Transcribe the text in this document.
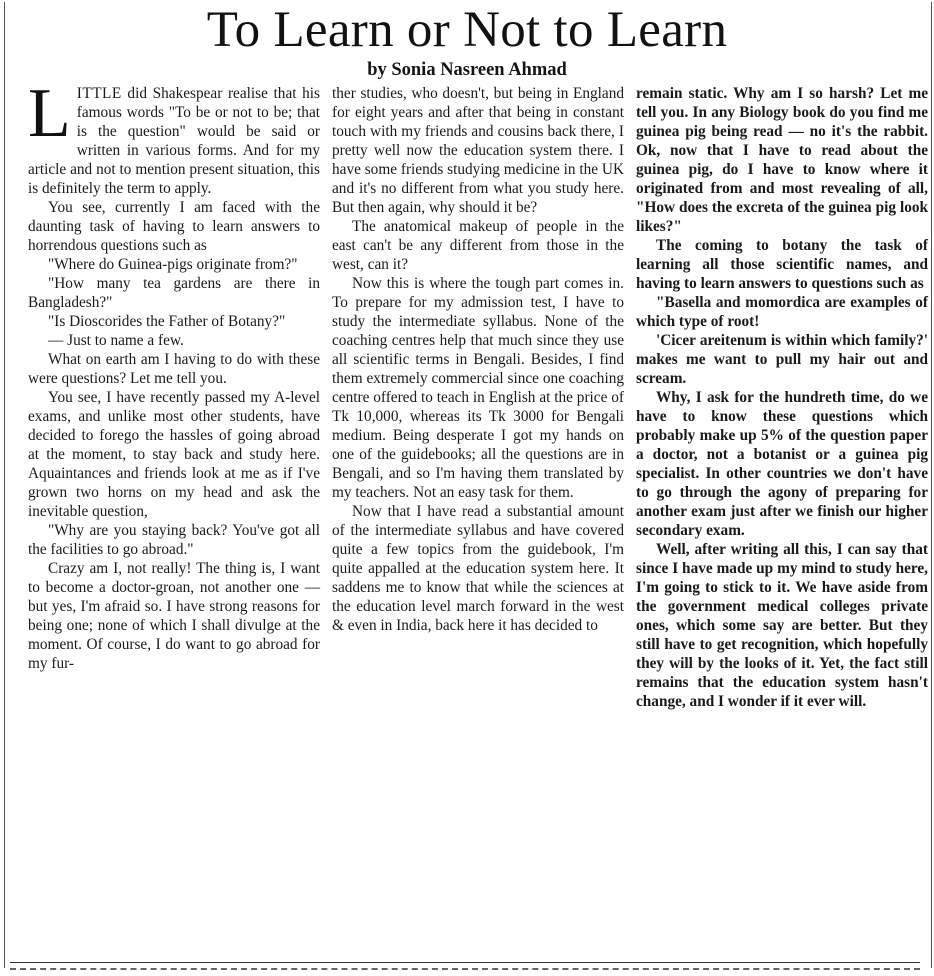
To Learn or Not to Learn
by Sonia Nasreen Ahmad

LITTLE did Shakespear realise that his famous words "To be or not to be; that is the question" would be said or written in various forms. And for my article and not to mention present situation, this is definitely the term to apply.

You see, currently I am faced with the daunting task of having to learn answers to horrendous questions such as

"Where do Guinea-pigs originate from?"

"How many tea gardens are there in Bangladesh?"

"Is Dioscorides the Father of Botany?"

— Just to name a few.

What on earth am I having to do with these were questions? Let me tell you.

You see, I have recently passed my A-level exams, and unlike most other students, have decided to forego the hassles of going abroad at the moment, to stay back and study here. Aquaintances and friends look at me as if I've grown two horns on my head and ask the inevitable question,

"Why are you staying back? You've got all the facilities to go abroad."

Crazy am I, not really! The thing is, I want to become a doctor-groan, not another one — but yes, I'm afraid so. I have strong reasons for being one; none of which I shall divulge at the moment. Of course, I do want to go abroad for my fur-

ther studies, who doesn't, but being in England for eight years and after that being in constant touch with my friends and cousins back there, I pretty well now the education system there. I have some friends studying medicine in the UK and it's no different from what you study here. But then again, why should it be?

The anatomical makeup of people in the east can't be any different from those in the west, can it?

Now this is where the tough part comes in. To prepare for my admission test, I have to study the intermediate syllabus. None of the coaching centres help that much since they use all scientific terms in Bengali. Besides, I find them extremely commercial since one coaching centre offered to teach in English at the price of Tk 10,000, whereas its Tk 3000 for Bengali medium. Being desperate I got my hands on one of the guidebooks; all the questions are in Bengali, and so I'm having them translated by my teachers. Not an easy task for them.

Now that I have read a substantial amount of the intermediate syllabus and have covered quite a few topics from the guidebook, I'm quite appalled at the education system here. It saddens me to know that while the sciences at the education level march forward in the west & even in India, back here it has decided to

remain static. Why am I so harsh? Let me tell you. In any Biology book do you find me guinea pig being read — no it's the rabbit. Ok, now that I have to read about the guinea pig, do I have to know where it originated from and most revealing of all, "How does the excreta of the guinea pig look likes?"

The coming to botany the task of learning all those scientific names, and having to learn answers to questions such as

"Basella and momordica are examples of which type of root!

'Cicer areitenum is within which family?' makes me want to pull my hair out and scream.

Why, I ask for the hundreth time, do we have to know these questions which probably make up 5% of the question paper a doctor, not a botanist or a guinea pig specialist. In other countries we don't have to go through the agony of preparing for another exam just after we finish our higher secondary exam.

Well, after writing all this, I can say that since I have made up my mind to study here, I'm going to stick to it. We have aside from the government medical colleges private ones, which some say are better. But they still have to get recognition, which hopefully they will by the looks of it. Yet, the fact still remains that the education system hasn't change, and I wonder if it ever will.
